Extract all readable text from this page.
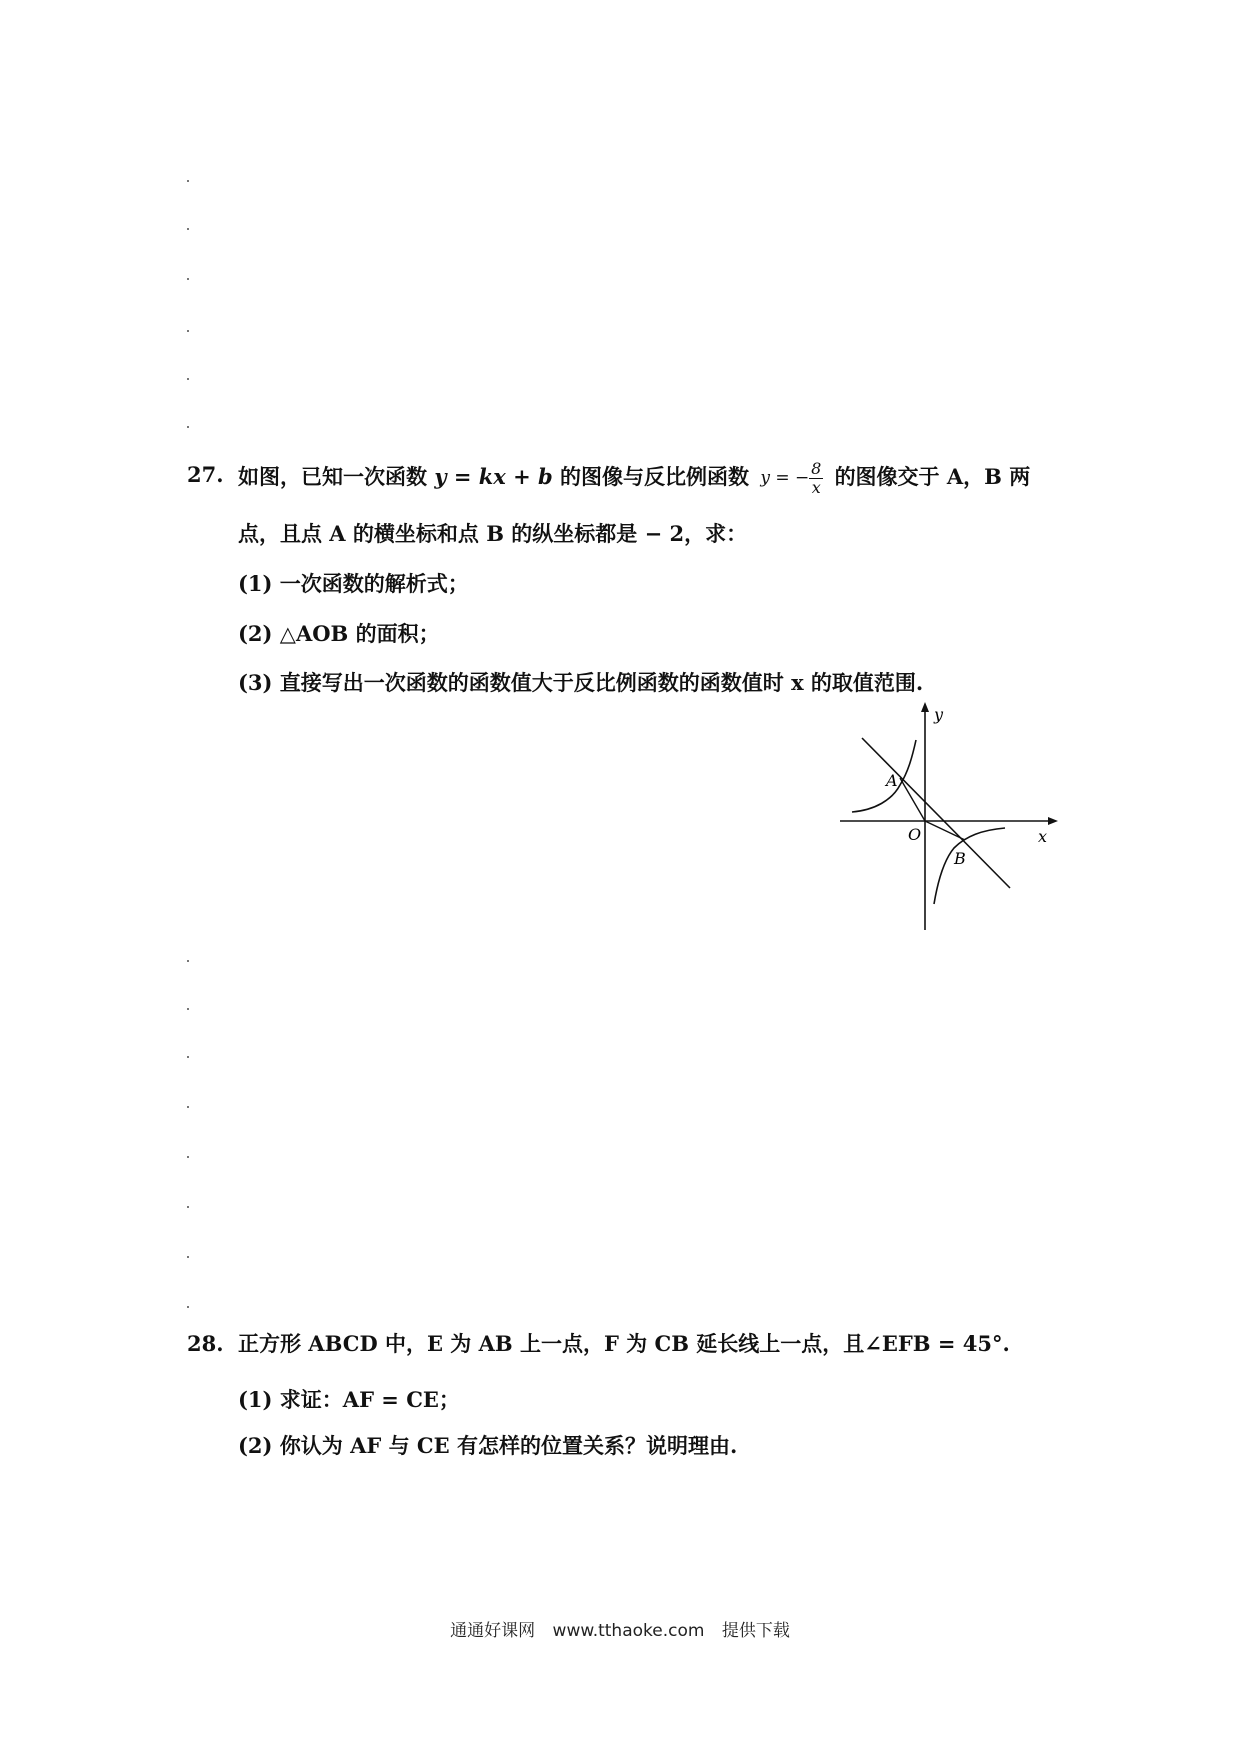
27. 如图，已知一次函数 y = kx + b 的图像与反比例函数 y = − $\frac{8}{x}$ 的图像交于 A，B 两
点，且点 A 的横坐标和点 B 的纵坐标都是 − 2，求：
(1) 一次函数的解析式；
(2) △AOB 的面积；
(3) 直接写出一次函数的函数值大于反比例函数的函数值时 x 的取值范围.
y
x
O
A
B
28. 正方形 ABCD 中，E 为 AB 上一点，F 为 CB 延长线上一点，且∠EFB = 45°.
(1) 求证：AF = CE；
(2) 你认为 AF 与 CE 有怎样的位置关系？说明理由.
通通好课网 www.tthaoke.com 提供下载
